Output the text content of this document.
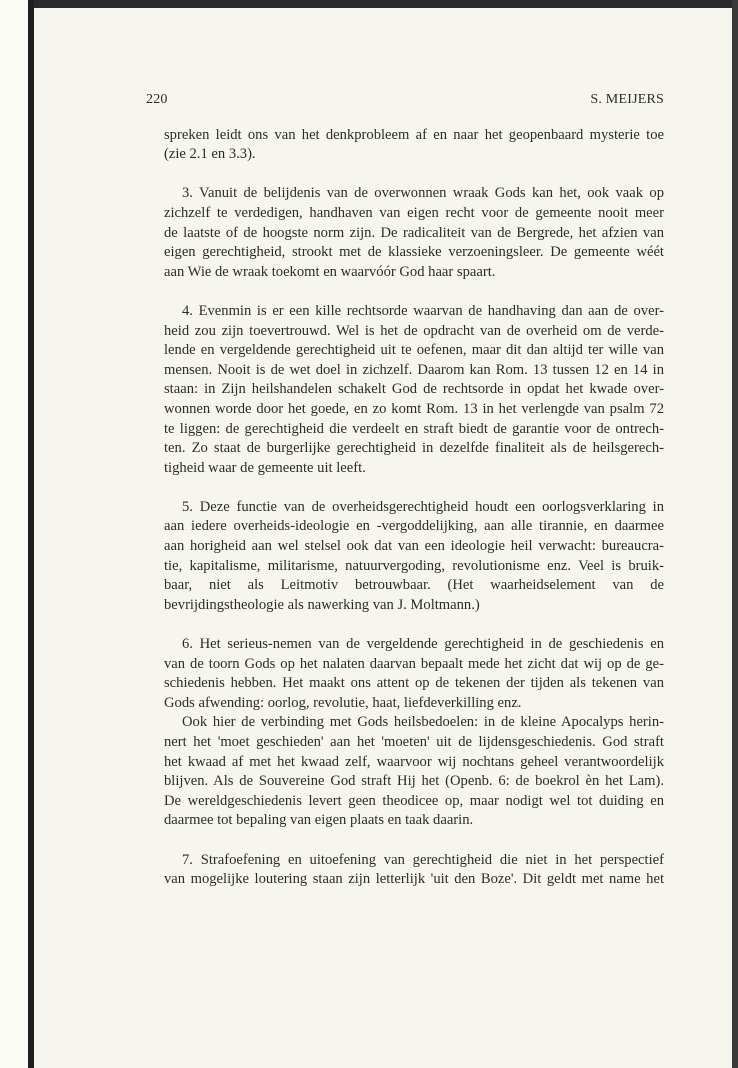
220	S. MEIJERS
spreken leidt ons van het denkprobleem af en naar het geopenbaard mysterie toe
(zie 2.1 en 3.3).
3. Vanuit de belijdenis van de overwonnen wraak Gods kan het, ook vaak op
zichzelf te verdedigen, handhaven van eigen recht voor de gemeente nooit meer
de laatste of de hoogste norm zijn. De radicaliteit van de Bergrede, het afzien van
eigen gerechtigheid, strookt met de klassieke verzoeningsleer. De gemeente wéét
aan Wie de wraak toekomt en waarvóór God haar spaart.
4. Evenmin is er een kille rechtsorde waarvan de handhaving dan aan de over-
heid zou zijn toevertrouwd. Wel is het de opdracht van de overheid om de verdе-
lende en vergeldende gerechtigheid uit te oefenen, maar dit dan altijd ter wille van
mensen. Nooit is de wet doel in zichzelf. Daarom kan Rom. 13 tussen 12 en 14 in
staan: in Zijn heilshandelen schakelt God de rechtsorde in opdat het kwade over-
wonnen worde door het goede, en zo komt Rom. 13 in het verlengde van psalm 72
te liggen: de gerechtigheid die verdeelt en straft biedt de garantie voor de ontrech-
ten. Zo staat de burgerlijke gerechtigheid in dezelfde finaliteit als de heilsgerech-
tigheid waar de gemeente uit leeft.
5. Deze functie van de overheidsgerechtigheid houdt een oorlogsverklaring in
aan iedere overheids-ideologie en -vergoddelijking, aan alle tirannie, en daarmee
aan horigheid aan wel stelsel ook dat van een ideologie heil verwacht: bureaucra-
tie, kapitalisme, militarisme, natuurvergoding, revolutionisme enz. Veel is bruik-
baar, niet als Leitmotiv betrouwbaar. (Het waarheidselement van de
bevrijdingstheologie als nawerking van J. Moltmann.)
6. Het serieus-nemen van de vergeldende gerechtigheid in de geschiedenis en
van de toorn Gods op het nalaten daarvan bepaalt mede het zicht dat wij op de ge-
schiedenis hebben. Het maakt ons attent op de tekenen der tijden als tekenen van
Gods afwending: oorlog, revolutie, haat, liefdeverkilling enz.
Ook hier de verbinding met Gods heilsbedoelen: in de kleine Apocalyps herin-
nert het 'moet geschieden' aan het 'moeten' uit de lijdensgeschiedenis. God straft
het kwaad af met het kwaad zelf, waarvoor wij nochtans geheel verantwoordelijk
blijven. Als de Souvereine God straft Hij het (Openb. 6: de boekrol èn het Lam).
De wereldgeschiedenis levert geen theodicee op, maar nodigt wel tot duiding en
daarmee tot bepaling van eigen plaats en taak daarin.
7. Strafoefening en uitoefening van gerechtigheid die niet in het perspectief
van mogelijke loutering staan zijn letterlijk 'uit den Boze'. Dit geldt met name het
